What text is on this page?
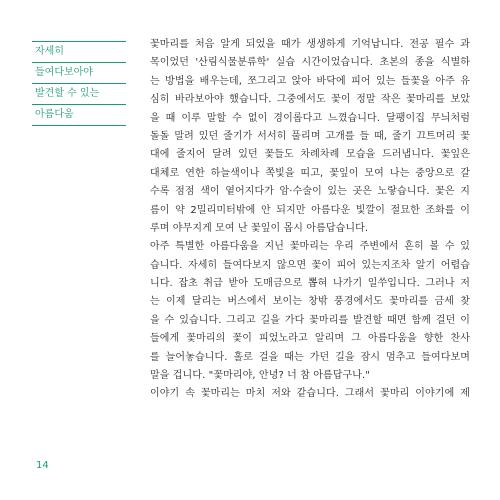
자세히
들여다보아야
발견할 수 있는
아름다움
꽃마리를 처음 알게 되었을 때가 생생하게 기억납니다. 전공 필수 과
목이었던 '산림식물분류학' 실습 시간이었습니다. 초본의 종을 식별하
는 방법을 배우는데, 쪼그리고 앉아 바닥에 피어 있는 들꽃을 아주 유
심히 바라보아야 했습니다. 그중에서도 꽃이 정말 작은 꽃마리를 보았
을 때 이루 말할 수 없이 경이롭다고 느꼈습니다. 달팽이집 무늬처럼
돌돌 말려 있던 줄기가 서서히 풀리며 고개를 들 때, 줄기 끄트머리 꽃
대에 줄지어 달려 있던 꽃들도 차례차례 모습을 드러냅니다. 꽃잎은
대체로 연한 하늘색이나 쪽빛을 띠고, 꽃잎이 모여 나는 중앙으로 갈
수록 점점 색이 옅어지다가 암·수술이 있는 곳은 노랗습니다. 꽃은 지
름이 약 2밀리미터밖에 안 되지만 아름다운 빛깔이 절묘한 조화를 이
루며 야무지게 모여 난 꽃잎이 몹시 아름답습니다.
아주 특별한 아름다움을 지닌 꽃마리는 우리 주변에서 흔히 볼 수 있
습니다. 자세히 들여다보지 않으면 꽃이 피어 있는지조차 알기 어렵습
니다. 잡초 취급 받아 도매금으로 뽑혀 나가기 일쑤입니다. 그러나 저
는 이제 달리는 버스에서 보이는 창밖 풍경에서도 꽃마리를 금세 찾
을 수 있습니다. 그리고 길을 가다 꽃마리를 발견할 때면 함께 걸던 이
들에게 꽃마리의 꽃이 피었노라고 알리며 그 아름다움을 향한 찬사
를 늘어놓습니다. 홀로 걸을 때는 가던 길을 잠시 멈추고 들여다보며
말을 겁니다. "꽃마리야, 안녕? 너 참 아름답구나."
이야기 속 꽃마리는 마치 저와 같습니다. 그래서 꽃마리 이야기에 제
14
